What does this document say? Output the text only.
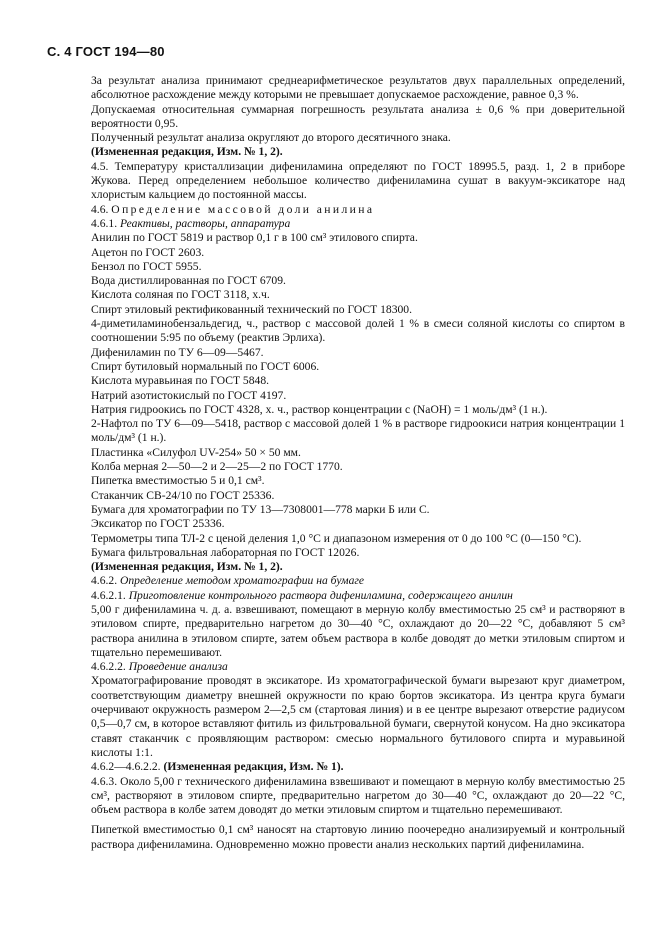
С. 4 ГОСТ 194—80

За результат анализа принимают среднеарифметическое результатов двух параллельных определений, абсолютное расхождение между которыми не превышает допускаемое расхождение, равное 0,3 %.

Допускаемая относительная суммарная погрешность результата анализа ± 0,6 % при доверительной вероятности 0,95.

Полученный результат анализа округляют до второго десятичного знака.

(Измененная редакция, Изм. № 1, 2).

4.5. Температуру кристаллизации дифениламина определяют по ГОСТ 18995.5, разд. 1, 2 в приборе Жукова. Перед определением небольшое количество дифениламина сушат в вакуум-эксикаторе над хлористым кальцием до постоянной массы.

4.6. Определение массовой доли анилина

4.6.1. Реактивы, растворы, аппаратура

Анилин по ГОСТ 5819 и раствор 0,1 г в 100 см³ этилового спирта.

Ацетон по ГОСТ 2603.

Бензол по ГОСТ 5955.

Вода дистиллированная по ГОСТ 6709.

Кислота соляная по ГОСТ 3118, х.ч.

Спирт этиловый ректификованный технический по ГОСТ 18300.

4-диметиламинобензальдегид, ч., раствор с массовой долей 1 % в смеси соляной кислоты со спиртом в соотношении 5:95 по объему (реактив Эрлиха).

Дифениламин по ТУ 6—09—5467.

Спирт бутиловый нормальный по ГОСТ 6006.

Кислота муравьиная по ГОСТ 5848.

Натрий азотистокислый по ГОСТ 4197.

Натрия гидроокись по ГОСТ 4328, х. ч., раствор концентрации c (NaOH) = 1 моль/дм³ (1 н.).

2-Нафтол по ТУ 6—09—5418, раствор с массовой долей 1 % в растворе гидроокиси натрия концентрации 1 моль/дм³ (1 н.).

Пластинка «Силуфол UV-254» 50 × 50 мм.

Колба мерная 2—50—2 и 2—25—2 по ГОСТ 1770.

Пипетка вместимостью 5 и 0,1 см³.

Стаканчик СВ-24/10 по ГОСТ 25336.

Бумага для хроматографии по ТУ 13—7308001—778 марки Б или С.

Эксикатор по ГОСТ 25336.

Термометры типа ТЛ-2 с ценой деления 1,0 °С и диапазоном измерения от 0 до 100 °С (0—150 °С).

Бумага фильтровальная лабораторная по ГОСТ 12026.

(Измененная редакция, Изм. № 1, 2).

4.6.2. Определение методом хроматографии на бумаге

4.6.2.1. Приготовление контрольного раствора дифениламина, содержащего анилин

5,00 г дифениламина ч. д. а. взвешивают, помещают в мерную колбу вместимостью 25 см³ и растворяют в этиловом спирте, предварительно нагретом до 30—40 °С, охлаждают до 20—22 °С, добавляют 5 см³ раствора анилина в этиловом спирте, затем объем раствора в колбе доводят до метки этиловым спиртом и тщательно перемешивают.

4.6.2.2. Проведение анализа

Хроматографирование проводят в эксикаторе. Из хроматографической бумаги вырезают круг диаметром, соответствующим диаметру внешней окружности по краю бортов эксикатора. Из центра круга бумаги очерчивают окружность размером 2—2,5 см (стартовая линия) и в ее центре вырезают отверстие радиусом 0,5—0,7 см, в которое вставляют фитиль из фильтровальной бумаги, свернутой конусом. На дно эксикатора ставят стаканчик с проявляющим раствором: смесью нормального бутилового спирта и муравьиной кислоты 1:1.

4.6.2—4.6.2.2. (Измененная редакция, Изм. № 1).

4.6.3. Около 5,00 г технического дифениламина взвешивают и помещают в мерную колбу вместимостью 25 см³, растворяют в этиловом спирте, предварительно нагретом до 30—40 °С, охлаждают до 20—22 °С, объем раствора в колбе затем доводят до метки этиловым спиртом и тщательно перемешивают.

Пипеткой вместимостью 0,1 см³ наносят на стартовую линию поочередно анализируемый и контрольный раствора дифениламина. Одновременно можно провести анализ нескольких партий дифениламина.
